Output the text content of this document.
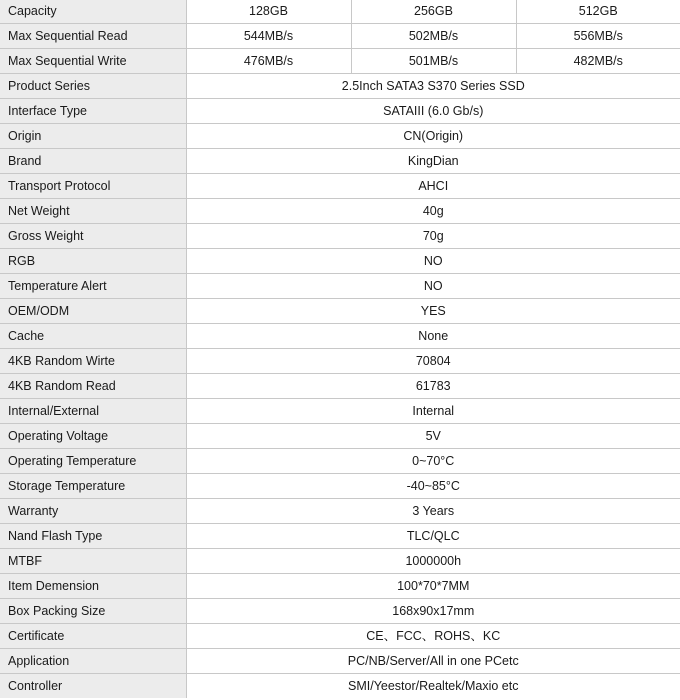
Capacity	128GB	256GB	512GB
Max Sequential Read	544MB/s	502MB/s	556MB/s
Max Sequential Write	476MB/s	501MB/s	482MB/s
Product Series	2.5Inch SATA3 S370 Series SSD		
Interface Type	SATAIII (6.0 Gb/s)		
Origin	CN(Origin)		
Brand	KingDian		
Transport Protocol	AHCI		
Net Weight	40g		
Gross Weight	70g		
RGB	NO		
Temperature Alert	NO		
OEM/ODM	YES		
Cache	None		
4KB Random Wirte	70804		
4KB Random Read	61783		
Internal/External	Internal		
Operating Voltage	5V		
Operating Temperature	0~70°C		
Storage Temperature	-40~85°C		
Warranty	3 Years		
Nand Flash Type	TLC/QLC		
MTBF	1000000h		
Item Demension	100*70*7MM		
Box Packing Size	168x90x17mm		
Certificate	CE、FCC、ROHS、KC		
Application	PC/NB/Server/All in one PCetc		
Controller	SMI/Yeestor/Realtek/Maxio etc		
